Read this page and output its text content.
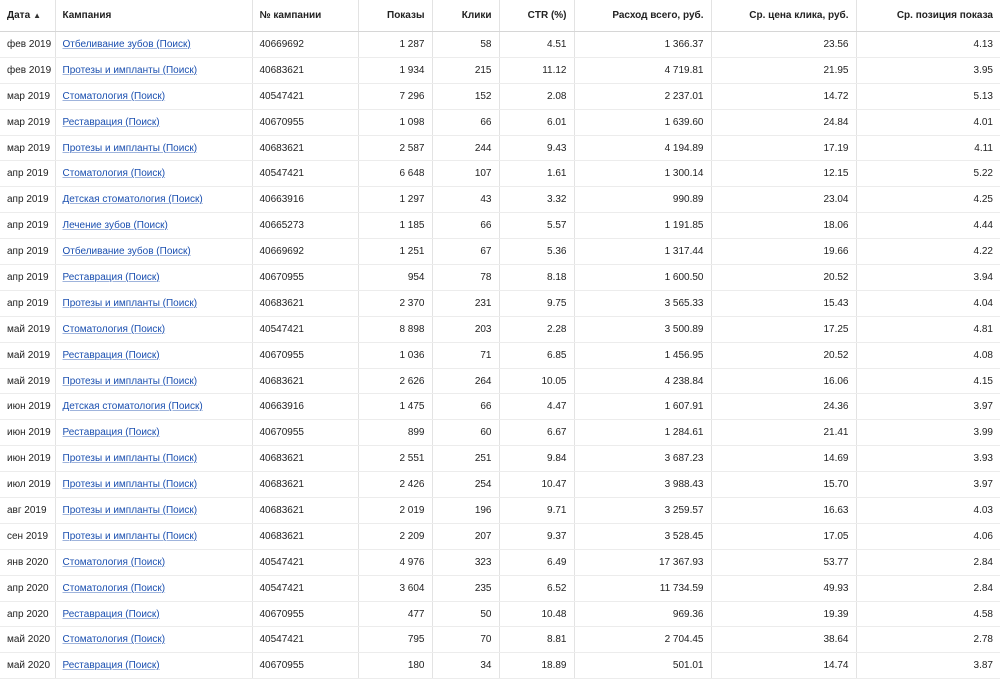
Дата ▲	Кампания	№ кампании	Показы	Клики	CTR (%)	Расход всего, руб.	Ср. цена клика, руб.	Ср. позиция показа
фев 2019	Отбеливание зубов (Поиск)	40669692	1 287	58	4.51	1 366.37	23.56	4.13
фев 2019	Протезы и импланты (Поиск)	40683621	1 934	215	11.12	4 719.81	21.95	3.95
мар 2019	Стоматология (Поиск)	40547421	7 296	152	2.08	2 237.01	14.72	5.13
мар 2019	Реставрация (Поиск)	40670955	1 098	66	6.01	1 639.60	24.84	4.01
мар 2019	Протезы и импланты (Поиск)	40683621	2 587	244	9.43	4 194.89	17.19	4.11
апр 2019	Стоматология (Поиск)	40547421	6 648	107	1.61	1 300.14	12.15	5.22
апр 2019	Детская стоматология (Поиск)	40663916	1 297	43	3.32	990.89	23.04	4.25
апр 2019	Лечение зубов (Поиск)	40665273	1 185	66	5.57	1 191.85	18.06	4.44
апр 2019	Отбеливание зубов (Поиск)	40669692	1 251	67	5.36	1 317.44	19.66	4.22
апр 2019	Реставрация (Поиск)	40670955	954	78	8.18	1 600.50	20.52	3.94
апр 2019	Протезы и импланты (Поиск)	40683621	2 370	231	9.75	3 565.33	15.43	4.04
май 2019	Стоматология (Поиск)	40547421	8 898	203	2.28	3 500.89	17.25	4.81
май 2019	Реставрация (Поиск)	40670955	1 036	71	6.85	1 456.95	20.52	4.08
май 2019	Протезы и импланты (Поиск)	40683621	2 626	264	10.05	4 238.84	16.06	4.15
июн 2019	Детская стоматология (Поиск)	40663916	1 475	66	4.47	1 607.91	24.36	3.97
июн 2019	Реставрация (Поиск)	40670955	899	60	6.67	1 284.61	21.41	3.99
июн 2019	Протезы и импланты (Поиск)	40683621	2 551	251	9.84	3 687.23	14.69	3.93
июл 2019	Протезы и импланты (Поиск)	40683621	2 426	254	10.47	3 988.43	15.70	3.97
авг 2019	Протезы и импланты (Поиск)	40683621	2 019	196	9.71	3 259.57	16.63	4.03
сен 2019	Протезы и импланты (Поиск)	40683621	2 209	207	9.37	3 528.45	17.05	4.06
янв 2020	Стоматология (Поиск)	40547421	4 976	323	6.49	17 367.93	53.77	2.84
апр 2020	Стоматология (Поиск)	40547421	3 604	235	6.52	11 734.59	49.93	2.84
апр 2020	Реставрация (Поиск)	40670955	477	50	10.48	969.36	19.39	4.58
май 2020	Стоматология (Поиск)	40547421	795	70	8.81	2 704.45	38.64	2.78
май 2020	Реставрация (Поиск)	40670955	180	34	18.89	501.01	14.74	3.87
